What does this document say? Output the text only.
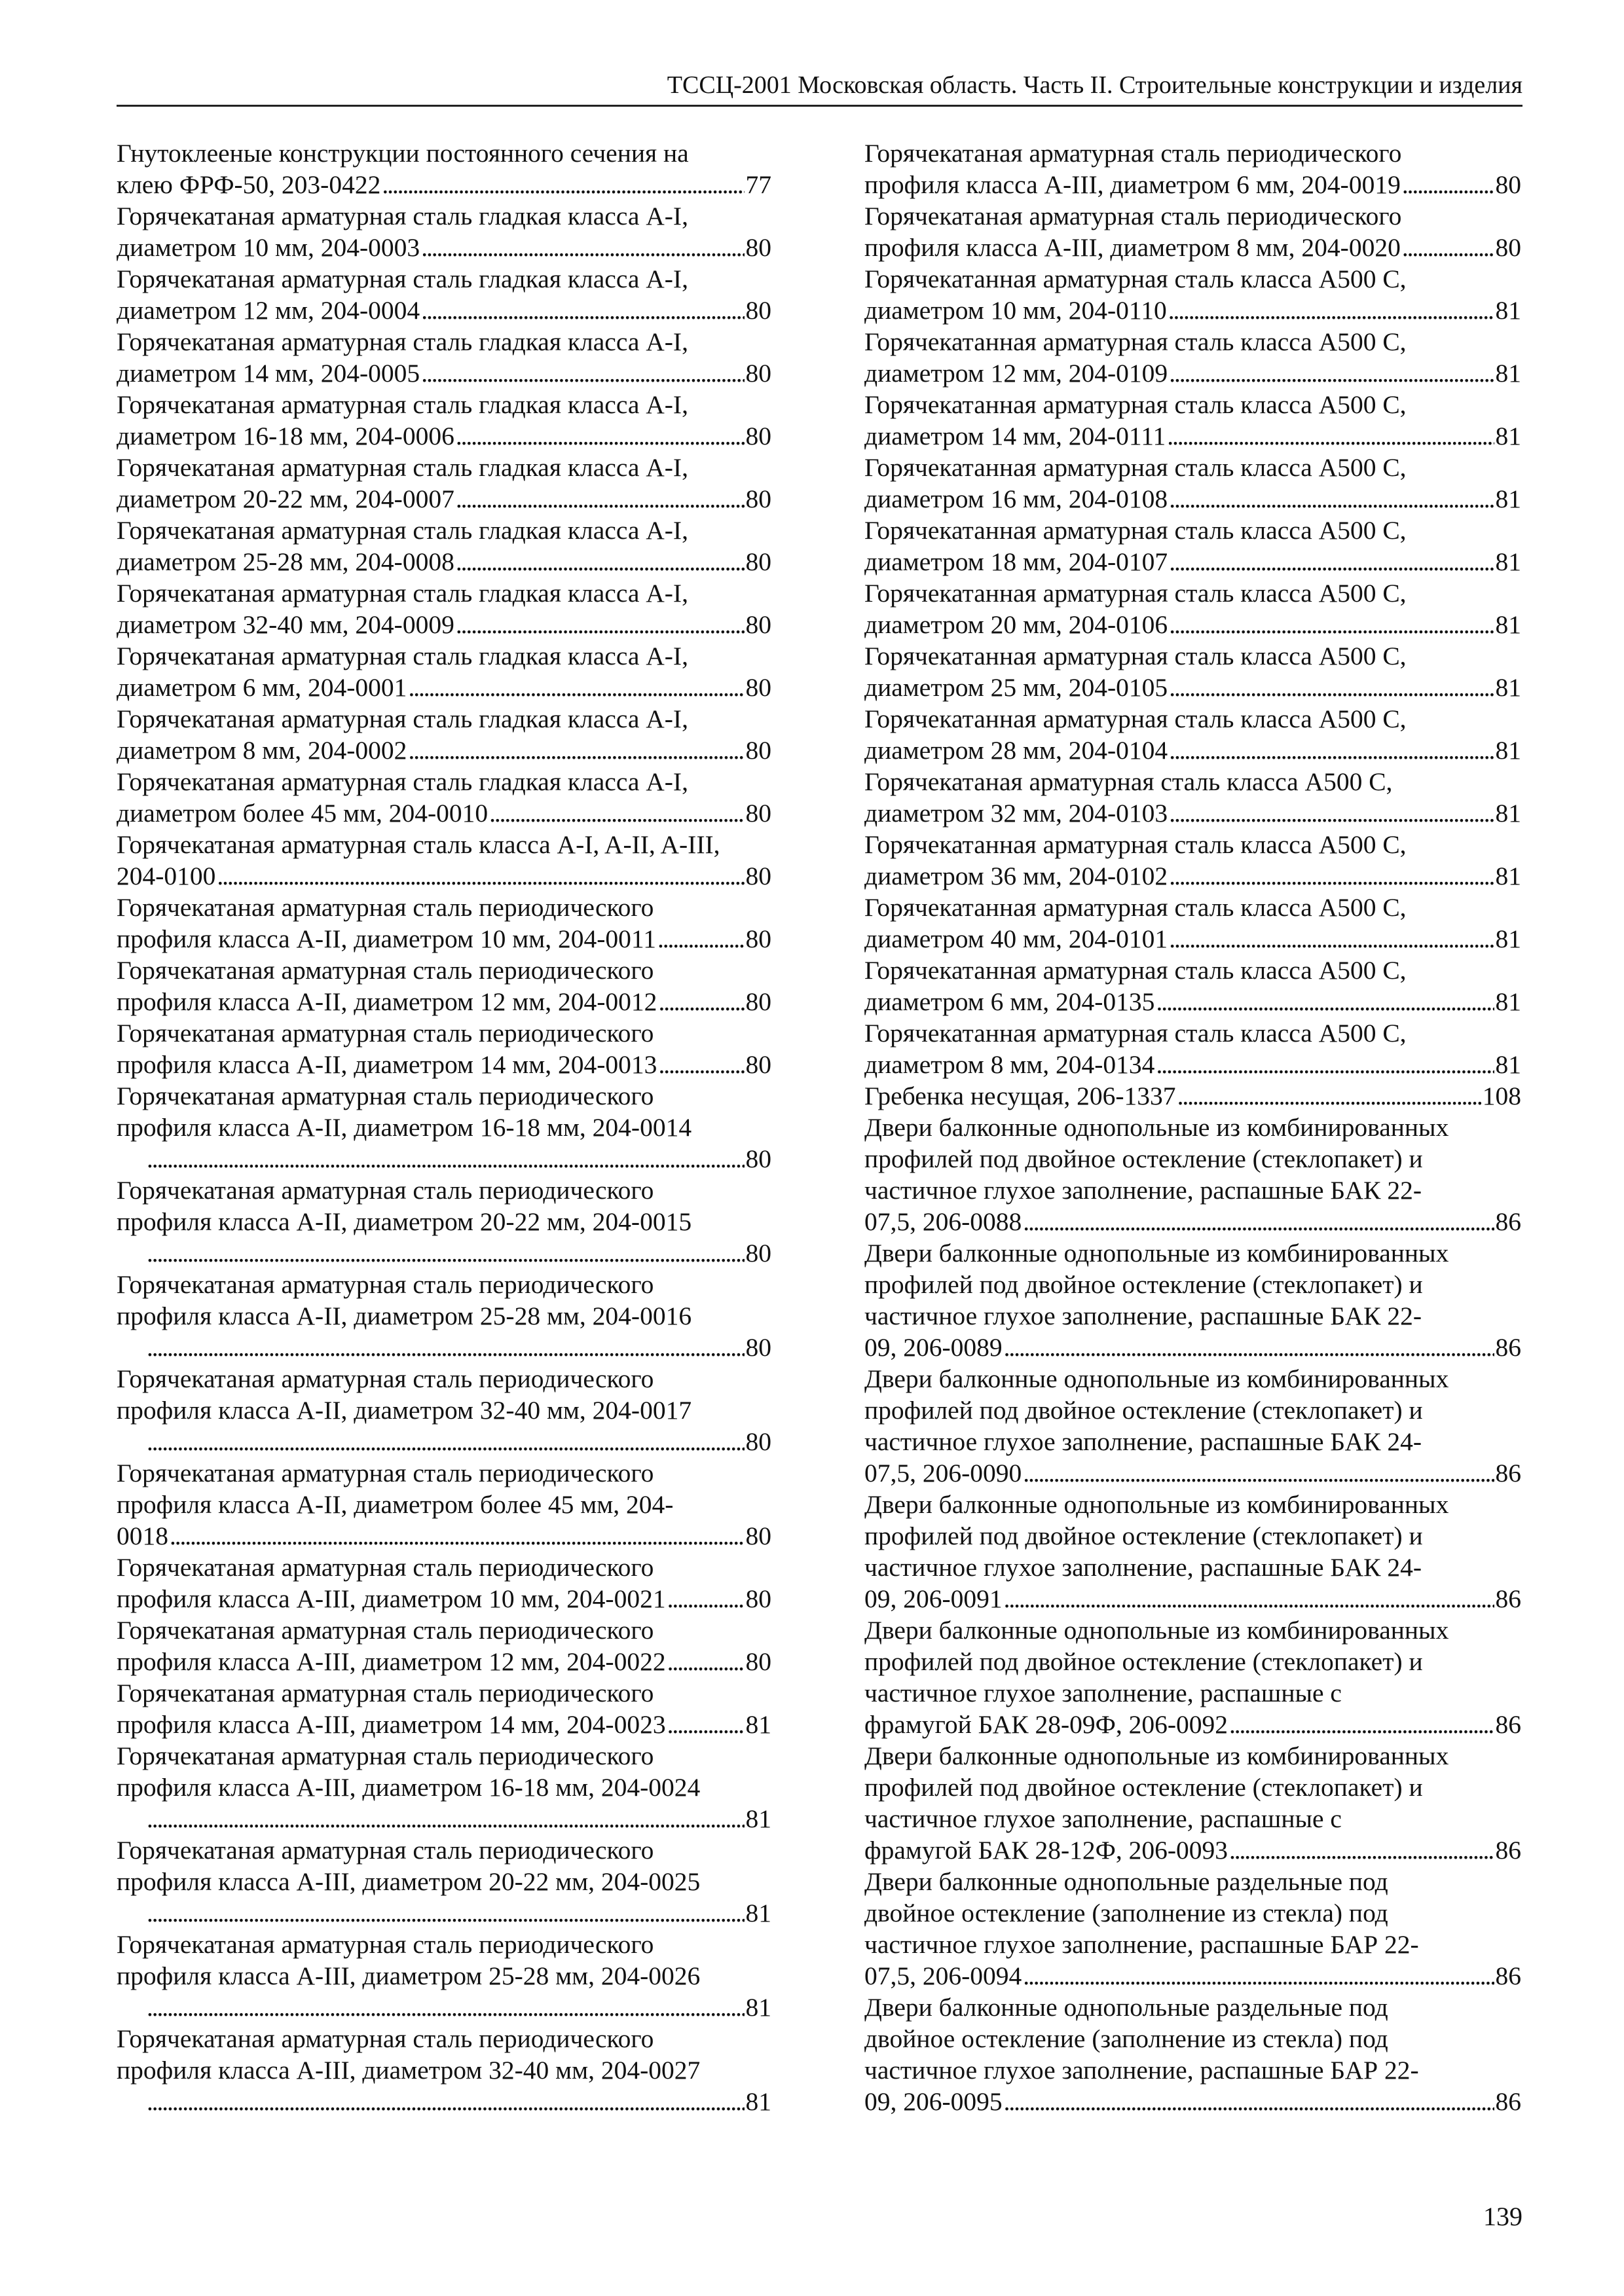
ТССЦ-2001 Московская область. Часть II. Строительные конструкции и изделия
Гнутоклееные конструкции постоянного сечения на
клею ФРФ-50, 203-0422 . . .	77
Горячекатаная арматурная сталь гладкая класса A-I,
диаметром 10 мм, 204-0003 . . .	80
Горячекатаная арматурная сталь гладкая класса A-I,
диаметром 12 мм, 204-0004 . . .	80
Горячекатаная арматурная сталь гладкая класса A-I,
диаметром 14 мм, 204-0005 . . .	80
Горячекатаная арматурная сталь гладкая класса A-I,
диаметром 16-18 мм, 204-0006 . . .	80
Горячекатаная арматурная сталь гладкая класса A-I,
диаметром 20-22 мм, 204-0007 . . .	80
Горячекатаная арматурная сталь гладкая класса A-I,
диаметром 25-28 мм, 204-0008 . . .	80
Горячекатаная арматурная сталь гладкая класса A-I,
диаметром 32-40 мм, 204-0009 . . .	80
Горячекатаная арматурная сталь гладкая класса A-I,
диаметром 6 мм, 204-0001 . . .	80
Горячекатаная арматурная сталь гладкая класса A-I,
диаметром 8 мм, 204-0002 . . .	80
Горячекатаная арматурная сталь гладкая класса A-I,
диаметром более 45 мм, 204-0010 . . .	80
Горячекатаная арматурная сталь класса A-I, A-II, A-III,
204-0100 . . .	80
Горячекатаная арматурная сталь периодического
профиля класса A-II, диаметром 10 мм, 204-0011 . . .	80
Горячекатаная арматурная сталь периодического
профиля класса A-II, диаметром 12 мм, 204-0012 . . .	80
Горячекатаная арматурная сталь периодического
профиля класса A-II, диаметром 14 мм, 204-0013 . . .	80
Горячекатаная арматурная сталь периодического
профиля класса A-II, диаметром 16-18 мм, 204-0014
. . .
80
Горячекатаная арматурная сталь периодического
профиля класса A-II, диаметром 20-22 мм, 204-0015
. . .
80
Горячекатаная арматурная сталь периодического
профиля класса A-II, диаметром 25-28 мм, 204-0016
. . .
80
Горячекатаная арматурная сталь периодического
профиля класса A-II, диаметром 32-40 мм, 204-0017
. . .
80
Горячекатаная арматурная сталь периодического
профиля класса A-II, диаметром более 45 мм, 204-
0018 . . .	80
Горячекатаная арматурная сталь периодического
профиля класса A-III, диаметром 10 мм, 204-0021 . . .	80
Горячекатаная арматурная сталь периодического
профиля класса A-III, диаметром 12 мм, 204-0022 . . .	80
Горячекатаная арматурная сталь периодического
профиля класса A-III, диаметром 14 мм, 204-0023 . . .	81
Горячекатаная арматурная сталь периодического
профиля класса A-III, диаметром 16-18 мм, 204-0024
. . .
81
Горячекатаная арматурная сталь периодического
профиля класса A-III, диаметром 20-22 мм, 204-0025
. . .
81
Горячекатаная арматурная сталь периодического
профиля класса A-III, диаметром 25-28 мм, 204-0026
. . .
81
Горячекатаная арматурная сталь периодического
профиля класса A-III, диаметром 32-40 мм, 204-0027
. . .
81
Горячекатаная арматурная сталь периодического
профиля класса A-III, диаметром 6 мм, 204-0019 . . .	80
Горячекатаная арматурная сталь периодического
профиля класса A-III, диаметром 8 мм, 204-0020 . . .	80
Горячекатанная арматурная сталь класса А500 С,
диаметром 10 мм, 204-0110 . . .	81
Горячекатанная арматурная сталь класса А500 С,
диаметром 12 мм, 204-0109 . . .	81
Горячекатанная арматурная сталь класса А500 С,
диаметром 14 мм, 204-0111 . . .	81
Горячекатанная арматурная сталь класса А500 С,
диаметром 16 мм, 204-0108 . . .	81
Горячекатанная арматурная сталь класса А500 С,
диаметром 18 мм, 204-0107 . . .	81
Горячекатанная арматурная сталь класса А500 С,
диаметром 20 мм, 204-0106 . . .	81
Горячекатанная арматурная сталь класса А500 С,
диаметром 25 мм, 204-0105 . . .	81
Горячекатанная арматурная сталь класса А500 С,
диаметром 28 мм, 204-0104 . . .	81
Горячекатаная арматурная сталь класса А500 С,
диаметром 32 мм, 204-0103 . . .	81
Горячекатанная арматурная сталь класса А500 С,
диаметром 36 мм, 204-0102 . . .	81
Горячекатанная арматурная сталь класса А500 С,
диаметром 40 мм, 204-0101 . . .	81
Горячекатанная арматурная сталь класса А500 С,
диаметром 6 мм, 204-0135 . . .	81
Горячекатанная арматурная сталь класса А500 С,
диаметром 8 мм, 204-0134 . . .	81
Гребенка несущая, 206-1337 . . .	108
Двери балконные однопольные из комбинированных
профилей под двойное остекление (стеклопакет) и
частичное глухое заполнение, распашные БАК 22-
07,5, 206-0088 . . .	86
Двери балконные однопольные из комбинированных
профилей под двойное остекление (стеклопакет) и
частичное глухое заполнение, распашные БАК 22-
09, 206-0089 . . .	86
Двери балконные однопольные из комбинированных
профилей под двойное остекление (стеклопакет) и
частичное глухое заполнение, распашные БАК 24-
07,5, 206-0090 . . .	86
Двери балконные однопольные из комбинированных
профилей под двойное остекление (стеклопакет) и
частичное глухое заполнение, распашные БАК 24-
09, 206-0091 . . .	86
Двери балконные однопольные из комбинированных
профилей под двойное остекление (стеклопакет) и
частичное глухое заполнение, распашные с
фрамугой БАК 28-09Ф, 206-0092 . . .	86
Двери балконные однопольные из комбинированных
профилей под двойное остекление (стеклопакет) и
частичное глухое заполнение, распашные с
фрамугой БАК 28-12Ф, 206-0093 . . .	86
Двери балконные однопольные раздельные под
двойное остекление (заполнение из стекла) под
частичное глухое заполнение, распашные БАР 22-
07,5, 206-0094 . . .	86
Двери балконные однопольные раздельные под
двойное остекление (заполнение из стекла) под
частичное глухое заполнение, распашные БАР 22-
09, 206-0095 . . .	86
139
